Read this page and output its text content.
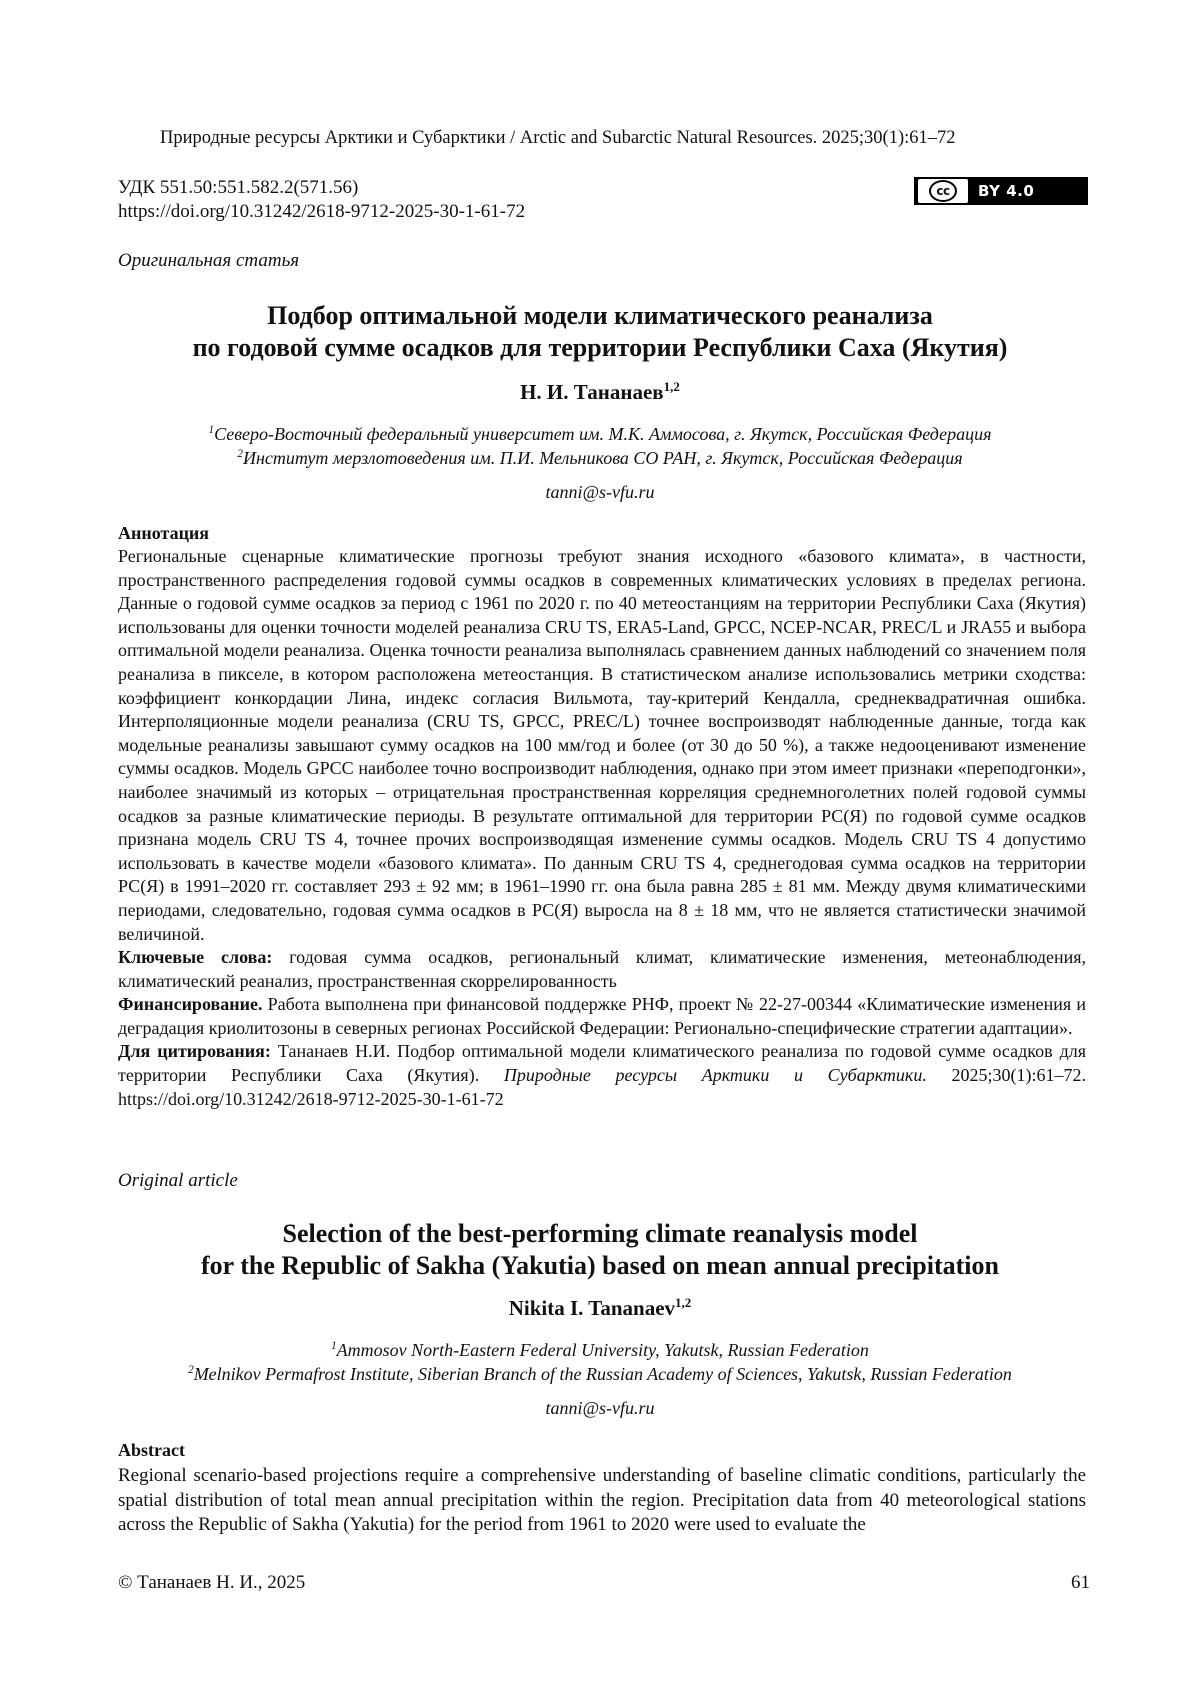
Природные ресурсы Арктики и Субарктики / Arctic and Subarctic Natural Resources. 2025;30(1):61–72
УДК 551.50:551.582.2(571.56)
https://doi.org/10.31242/2618-9712-2025-30-1-61-72
cc	BY 4.0
Оригинальная статья
Подбор оптимальной модели климатического реанализа
по годовой сумме осадков для территории Республики Саха (Якутия)
Н. И. Тананаев$^{1,2}$
$^1$Северо-Восточный федеральный университет им. М.К. Аммосова, г. Якутск, Российская Федерация
$^2$Институт мерзлотоведения им. П.И. Мельникова СО РАН, г. Якутск, Российская Федерация
tanni@s-vfu.ru
Аннотация

Региональные сценарные климатические прогнозы требуют знания исходного «базового климата», в частности, пространственного распределения годовой суммы осадков в современных климатических условиях в пределах региона. Данные о годовой сумме осадков за период с 1961 по 2020 г. по 40 метеостанциям на территории Республики Саха (Якутия) использованы для оценки точности моделей реанализа CRU TS, ERA5-Land, GPCC, NCEP-NCAR, PREC/L и JRA55 и выбора оптимальной модели реанализа. Оценка точности реанализа выполнялась сравнением данных наблюдений со значением поля реанализа в пикселе, в котором расположена метеостанция. В статистическом анализе использовались метрики сходства: коэффициент конкордации Лина, индекс согласия Вильмота, тау-критерий Кендалла, среднеквадратичная ошибка. Интерполяционные модели реанализа (CRU TS, GPCC, PREC/L) точнее воспроизводят наблюденные данные, тогда как модельные реанализы завышают сумму осадков на 100 мм/год и более (от 30 до 50 %), а также недооценивают изменение суммы осадков. Модель GPCC наиболее точно воспроизводит наблюдения, однако при этом имеет признаки «переподгонки», наиболее значимый из которых – отрицательная пространственная корреляция среднемноголетних полей годовой суммы осадков за разные климатические периоды. В результате оптимальной для территории РС(Я) по годовой сумме осадков признана модель CRU TS 4, точнее прочих воспроизводящая изменение суммы осадков. Модель CRU TS 4 допустимо использовать в качестве модели «базового климата». По данным CRU TS 4, среднегодовая сумма осадков на территории РС(Я) в 1991–2020 гг. составляет 293 ± 92 мм; в 1961–1990 гг. она была равна 285 ± 81 мм. Между двумя климатическими периодами, следовательно, годовая сумма осадков в РС(Я) выросла на 8 ± 18 мм, что не является статистически значимой величиной.

Ключевые слова: годовая сумма осадков, региональный климат, климатические изменения, метеонаблюдения, климатический реанализ, пространственная скоррелированность

Финансирование. Работа выполнена при финансовой поддержке РНФ, проект № 22-27-00344 «Климатические изменения и деградация криолитозоны в северных регионах Российской Федерации: Регионально-специфические стратегии адаптации».

Для цитирования: Тананаев Н.И. Подбор оптимальной модели климатического реанализа по годовой сумме осадков для территории Республики Саха (Якутия). Природные ресурсы Арктики и Субарктики. 2025;30(1):61–72. https://doi.org/10.31242/2618-9712-2025-30-1-61-72

Original article
Selection of the best-performing climate reanalysis model
for the Republic of Sakha (Yakutia) based on mean annual precipitation
Nikita I. Tananaev$^{1,2}$
$^1$Ammosov North-Eastern Federal University, Yakutsk, Russian Federation
$^2$Melnikov Permafrost Institute, Siberian Branch of the Russian Academy of Sciences, Yakutsk, Russian Federation
tanni@s-vfu.ru
Abstract
Regional scenario-based projections require a comprehensive understanding of baseline climatic conditions, particularly the spatial distribution of total mean annual precipitation within the region. Precipitation data from 40 meteorological stations across the Republic of Sakha (Yakutia) for the period from 1961 to 2020 were used to evaluate the
© Тананаев Н. И., 2025	61
